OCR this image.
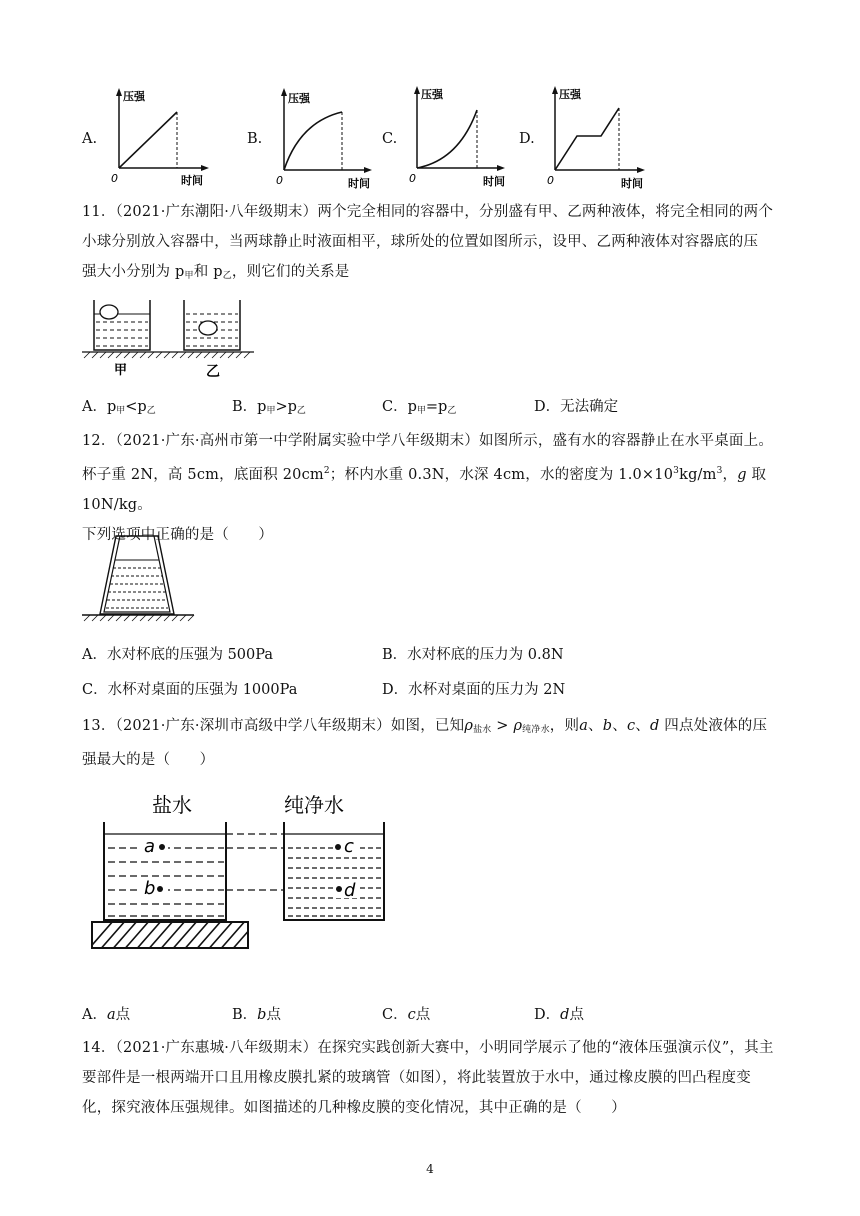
A.	B.	C.	D.
压强
时间
0
压强
时间
0
压强
时间
0
压强
时间
0
11．（2021·广东潮阳·八年级期末）两个完全相同的容器中，分别盛有甲、乙两种液体，将完全相同的两个
小球分别放入容器中，当两球静止时液面相平，球所处的位置如图所示，设甲、乙两种液体对容器底的压
强大小分别为 $p_甲$和 $p_乙$，则它们的关系是
甲	乙
A．$p_甲<p_乙$	B．$p_甲>p_乙$	C．$p_甲=p_乙$	D．无法确定
12．（2021·广东·高州市第一中学附属实验中学八年级期末）如图所示，盛有水的容器静止在水平桌面上。
杯子重 2N，高 5cm，底面积 $20cm^2$；杯内水重 0.3N，水深 4cm，水的密度为 $1.0\times 10^3kg/m^3$，g 取 10N/kg。
下列选项中正确的是（　　）
A．水对杯底的压强为 500Pa	B．水对杯底的压力为 0.8N
C．水杯对桌面的压强为 1000Pa	D．水杯对桌面的压力为 2N
13．（2021·广东·深圳市高级中学八年级期末）如图，已知$\rho_{盐水} > \rho_{纯净水}$，则a、b、c、d 四点处液体的压
强最大的是（　　）
盐水	纯净水
a
b
c
d
A．a点	B．b点	C．c点	D．d点
14．（2021·广东惠城·八年级期末）在探究实践创新大赛中，小明同学展示了他的“液体压强演示仪”，其主
要部件是一根两端开口且用橡皮膜扎紧的玻璃管（如图），将此装置放于水中，通过橡皮膜的凹凸程度变
化，探究液体压强规律。如图描述的几种橡皮膜的变化情况，其中正确的是（　　）
4
